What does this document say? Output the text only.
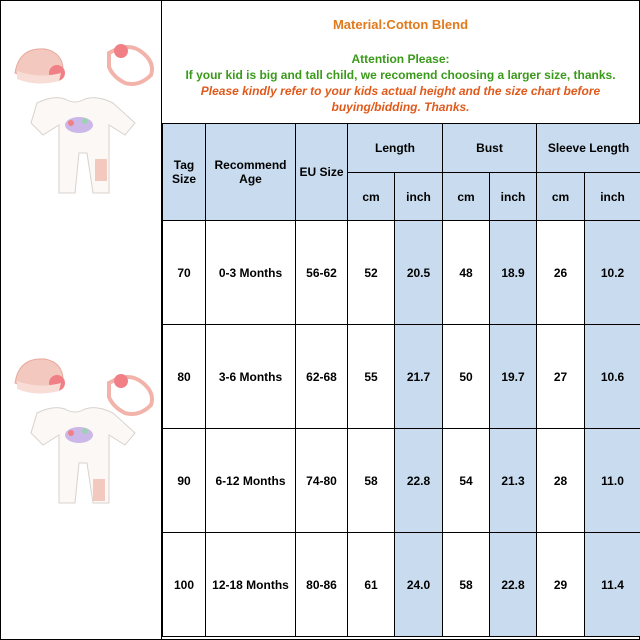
Material:Cotton Blend
Attention Please:
If your kid is big and tall child, we recomend choosing a larger size, thanks.
Please kindly refer to your kids actual height and the size chart before buying/bidding. Thanks.
Tag Size	Recommend Age	EU Size	Length		Bust		Sleeve Length	
			cm	inch	cm	inch	cm	inch
70	0-3 Months	56-62	52	20.5	48	18.9	26	10.2
80	3-6 Months	62-68	55	21.7	50	19.7	27	10.6
90	6-12 Months	74-80	58	22.8	54	21.3	28	11.0
100	12-18 Months	80-86	61	24.0	58	22.8	29	11.4
